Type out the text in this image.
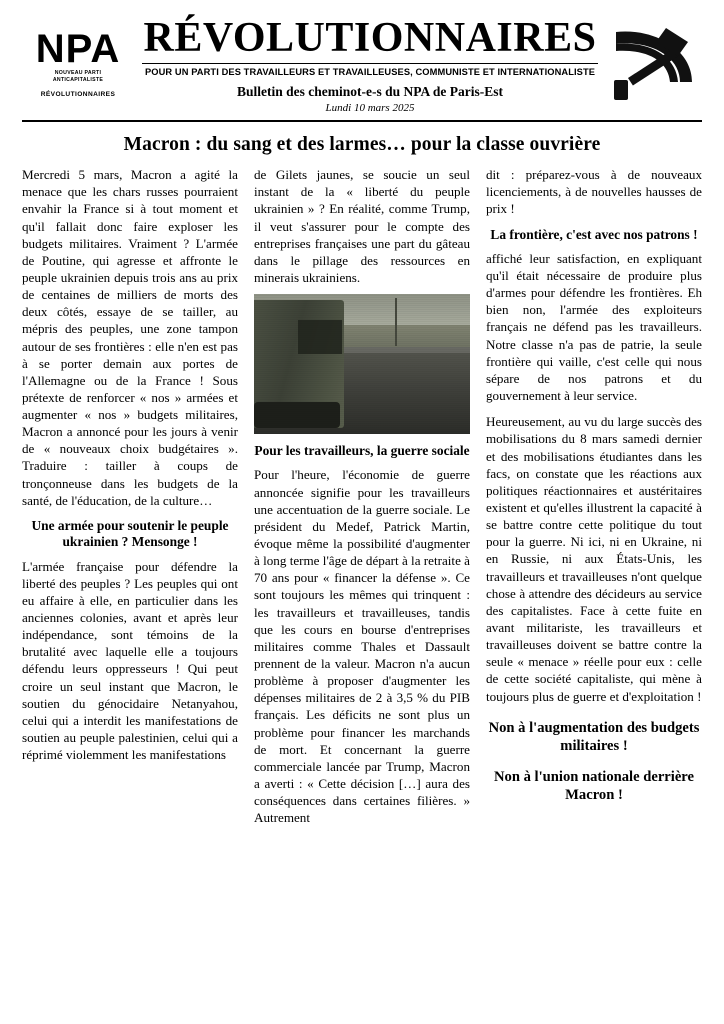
NPA
NOUVEAU PARTI
ANTICAPITALISTE
RÉVOLUTIONNAIRES
RÉVOLUTIONNAIRES
POUR UN PARTI DES TRAVAILLEURS ET TRAVAILLEUSES, COMMUNISTE ET INTERNATIONALISTE
Bulletin des cheminot-e-s du NPA de Paris-Est
Lundi 10 mars 2025
Macron : du sang et des larmes… pour la classe ouvrière

Mercredi 5 mars, Macron a agité la menace que les chars russes pourraient envahir la France si à tout moment et qu'il fallait donc faire exploser les budgets militaires. Vraiment ? L'armée de Poutine, qui agresse et affronte le peuple ukrainien depuis trois ans au prix de centaines de milliers de morts des deux côtés, essaye de se tailler, au mépris des peuples, une zone tampon autour de ses frontières : elle n'en est pas à se porter demain aux portes de l'Allemagne ou de la France ! Sous prétexte de renforcer « nos » armées et augmenter « nos » budgets militaires, Macron a annoncé pour les jours à venir de « nouveaux choix budgétaires ». Traduire : tailler à coups de tronçonneuse dans les budgets de la santé, de l'éducation, de la culture…

Une armée pour soutenir le peuple ukrainien ? Mensonge !

L'armée française pour défendre la liberté des peuples ? Les peuples qui ont eu affaire à elle, en particulier dans les anciennes colonies, avant et après leur indépendance, sont témoins de la brutalité avec laquelle elle a toujours défendu leurs oppresseurs ! Qui peut croire un seul instant que Macron, le soutien du génocidaire Netanyahou, celui qui a interdit les manifestations de soutien au peuple palestinien, celui qui a réprimé violemment les manifestations

de Gilets jaunes, se soucie un seul instant de la « liberté du peuple ukrainien » ? En réalité, comme Trump, il veut s'assurer pour le compte des entreprises françaises une part du gâteau dans le pillage des ressources en minerais ukrainiens.

Pour les travailleurs, la guerre sociale

Pour l'heure, l'économie de guerre annoncée signifie pour les travailleurs une accentuation de la guerre sociale. Le président du Medef, Patrick Martin, évoque même la possibilité d'augmenter à long terme l'âge de départ à la retraite à 70 ans pour « financer la défense ». Ce sont toujours les mêmes qui trinquent : les travailleurs et travailleuses, tandis que les cours en bourse d'entreprises militaires comme Thales et Dassault prennent de la valeur. Macron n'a aucun problème à proposer d'augmenter les dépenses militaires de 2 à 3,5 % du PIB français. Les déficits ne sont plus un problème pour financer les marchands de mort. Et concernant la guerre commerciale lancée par Trump, Macron a averti : « Cette décision […] aura des conséquences dans certaines filières. » Autrement

dit : préparez-vous à de nouveaux licenciements, à de nouvelles hausses de prix !

La frontière, c'est avec nos patrons !

affiché leur satisfaction, en expliquant qu'il était nécessaire de produire plus d'armes pour défendre les frontières. Eh bien non, l'armée des exploiteurs français ne défend pas les travailleurs. Notre classe n'a pas de patrie, la seule frontière qui vaille, c'est celle qui nous sépare de nos patrons et du gouvernement à leur service.

Heureusement, au vu du large succès des mobilisations du 8 mars samedi dernier et des mobilisations étudiantes dans les facs, on constate que les réactions aux politiques réactionnaires et austéritaires existent et qu'elles illustrent la capacité à se battre contre cette politique du tout pour la guerre. Ni ici, ni en Ukraine, ni en Russie, ni aux États-Unis, les travailleurs et travailleuses n'ont quelque chose à attendre des décideurs au service des capitalistes. Face à cette fuite en avant militariste, les travailleurs et travailleuses doivent se battre contre la seule « menace » réelle pour eux : celle de cette société capitaliste, qui mène à toujours plus de guerre et d'exploitation !

Non à l'augmentation des budgets militaires !
Non à l'union nationale derrière Macron !
